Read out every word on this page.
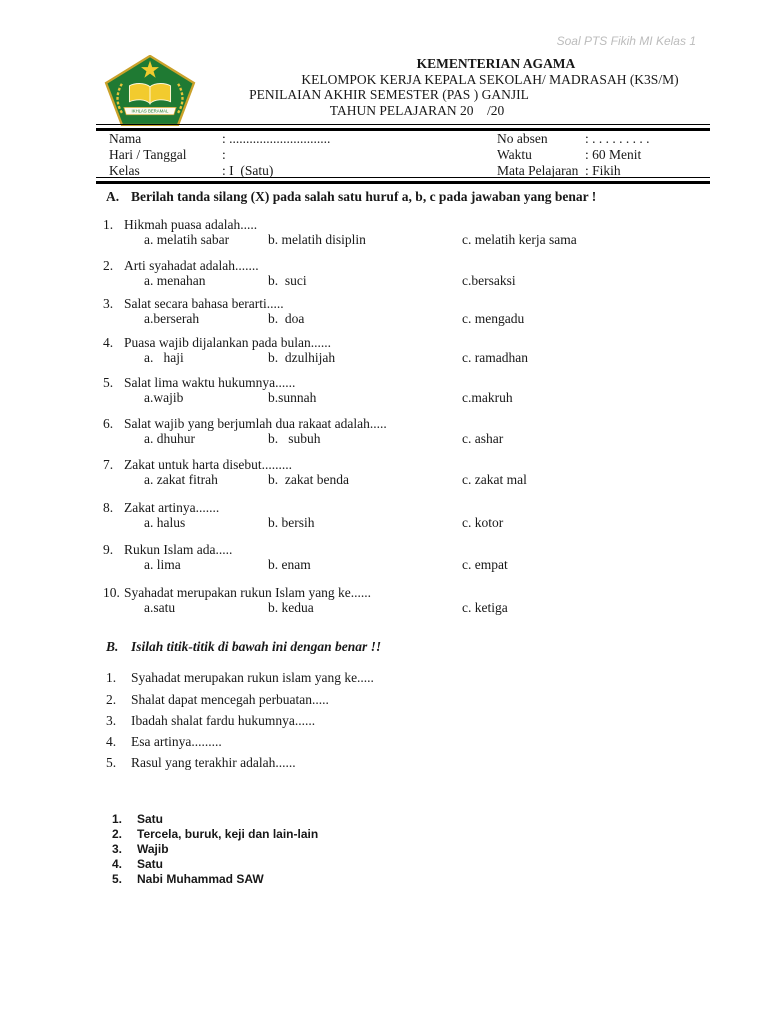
Soal PTS Fikih MI Kelas 1
IKHLAS BERAMAL
KEMENTERIAN AGAMA
KELOMPOK KERJA KEPALA SEKOLAH/ MADRASAH (K3S/M)
PENILAIAN AKHIR SEMESTER (PAS ) GANJIL
TAHUN PELAJARAN 20    /20
Nama	: ..............................	No absen	: . . . . . . . . .
Hari / Tanggal	:	Waktu	: 60 Menit
Kelas	: I  (Satu)	Mata Pelajaran : Fikih
A. Berilah tanda silang (X) pada salah satu huruf a, b, c pada jawaban yang benar !
1. Hikmah puasa adalah.....
a. melatih sabar	b. melatih disiplin	c. melatih kerja sama
2. Arti syahadat adalah.......
a. menahan	b.  suci	c.bersaksi
3. Salat secara bahasa berarti.....
a.berserah	b.  doa	c. mengadu
4. Puasa wajib dijalankan pada bulan......
a.   haji	b.  dzulhijah	c. ramadhan
5. Salat lima waktu hukumnya......
a.wajib	b.sunnah	c.makruh
6. Salat wajib yang berjumlah dua rakaat adalah.....
a. dhuhur	b.   subuh	c. ashar
7. Zakat untuk harta disebut.........
a. zakat fitrah	b.  zakat benda	c. zakat mal
8. Zakat artinya.......
a. halus	b. bersih	c. kotor
9. Rukun Islam ada.....
a. lima	b. enam	c. empat
10. Syahadat merupakan rukun Islam yang ke......
a.satu	b. kedua	c. ketiga
B. Isilah titik-titik di bawah ini dengan benar !!
1. Syahadat merupakan rukun islam yang ke.....
2. Shalat dapat mencegah perbuatan.....
3. Ibadah shalat fardu hukumnya......
4. Esa artinya.........
5. Rasul yang terakhir adalah......
1. Satu
2. Tercela, buruk, keji dan lain-lain
3. Wajib
4. Satu
5. Nabi Muhammad SAW
